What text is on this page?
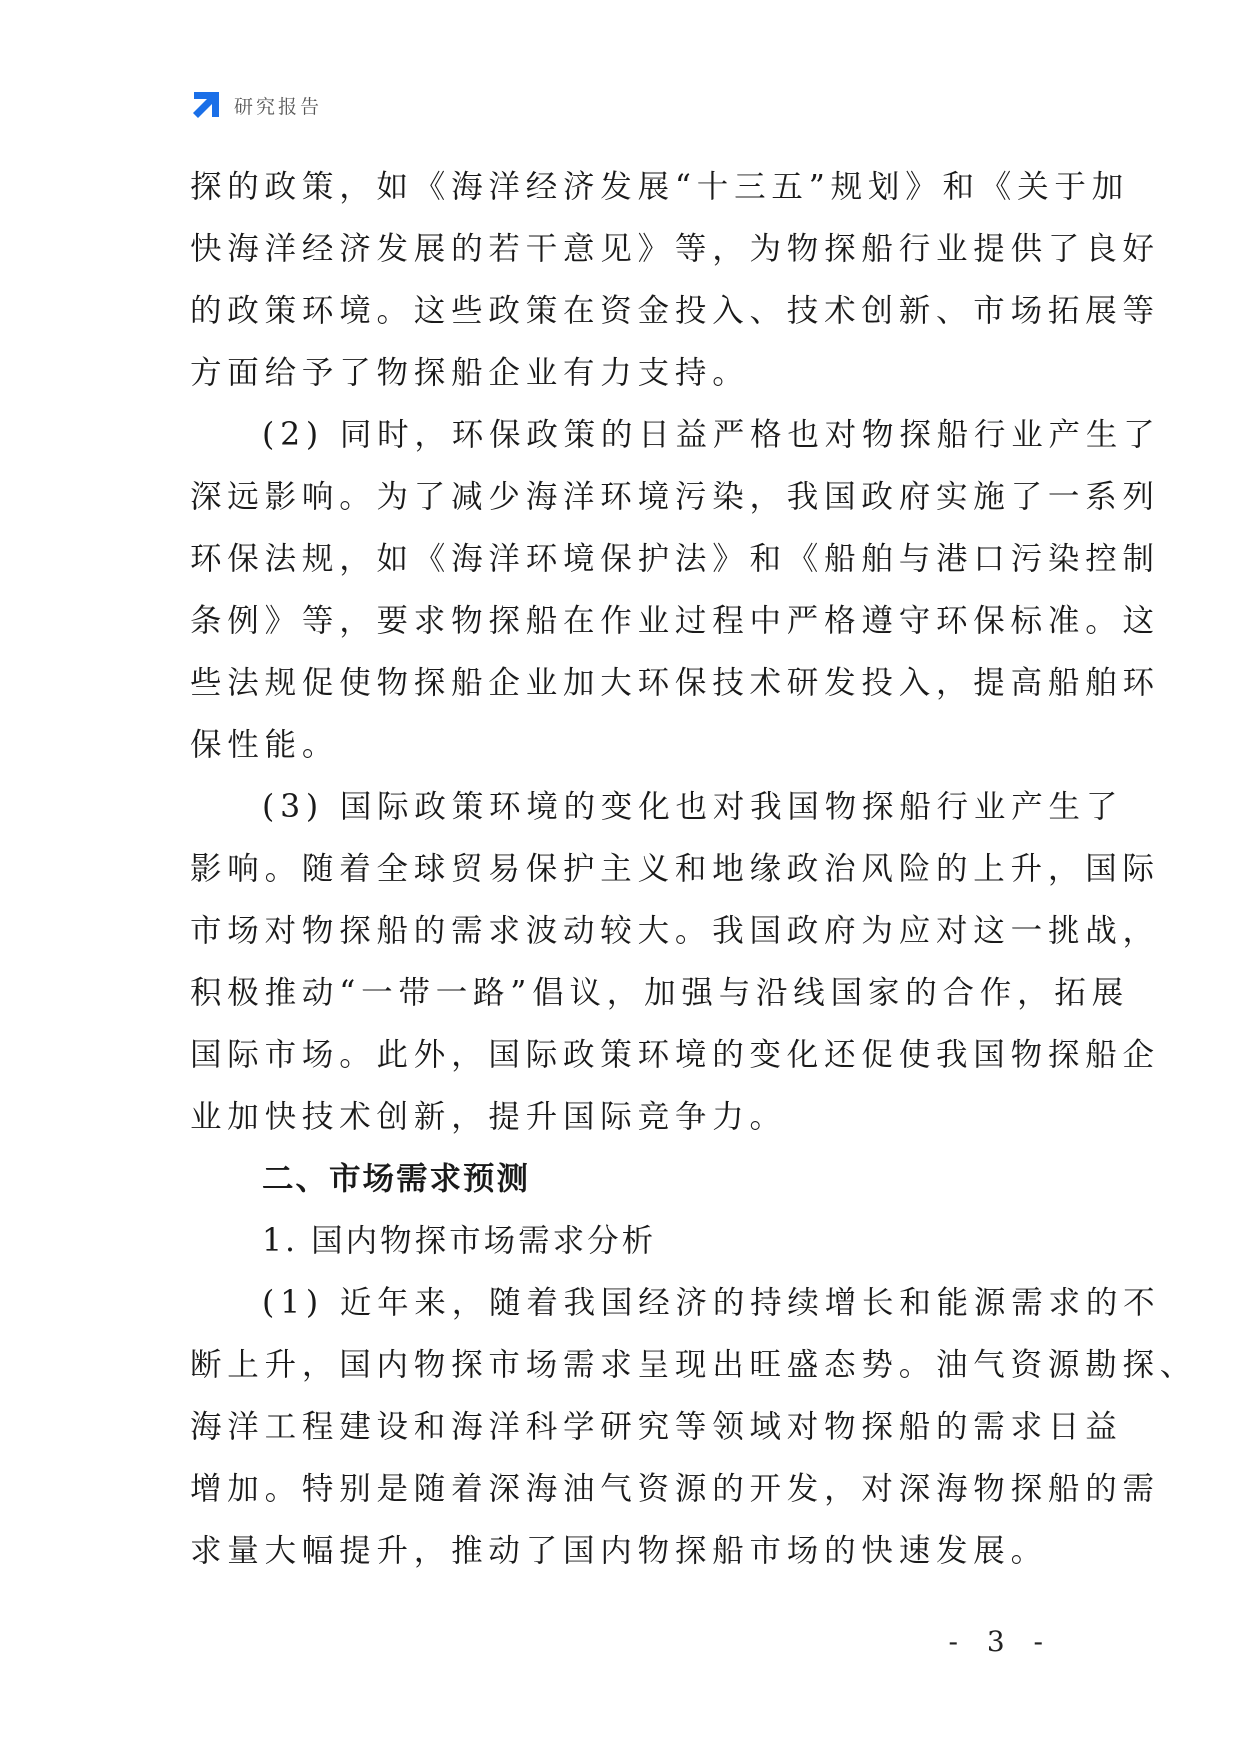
研究报告
探的政策，如《海洋经济发展“十三五”规划》和《关于加
快海洋经济发展的若干意见》等，为物探船行业提供了良好
的政策环境。这些政策在资金投入、技术创新、市场拓展等
方面给予了物探船企业有力支持。
(2) 同时，环保政策的日益严格也对物探船行业产生了
深远影响。为了减少海洋环境污染，我国政府实施了一系列
环保法规，如《海洋环境保护法》和《船舶与港口污染控制
条例》等，要求物探船在作业过程中严格遵守环保标准。这
些法规促使物探船企业加大环保技术研发投入，提高船舶环
保性能。
(3) 国际政策环境的变化也对我国物探船行业产生了
影响。随着全球贸易保护主义和地缘政治风险的上升，国际
市场对物探船的需求波动较大。我国政府为应对这一挑战，
积极推动“一带一路”倡议，加强与沿线国家的合作，拓展
国际市场。此外，国际政策环境的变化还促使我国物探船企
业加快技术创新，提升国际竞争力。
二、市场需求预测
1. 国内物探市场需求分析
(1) 近年来，随着我国经济的持续增长和能源需求的不
断上升，国内物探市场需求呈现出旺盛态势。油气资源勘探、
海洋工程建设和海洋科学研究等领域对物探船的需求日益
增加。特别是随着深海油气资源的开发，对深海物探船的需
求量大幅提升，推动了国内物探船市场的快速发展。
- 3 -
